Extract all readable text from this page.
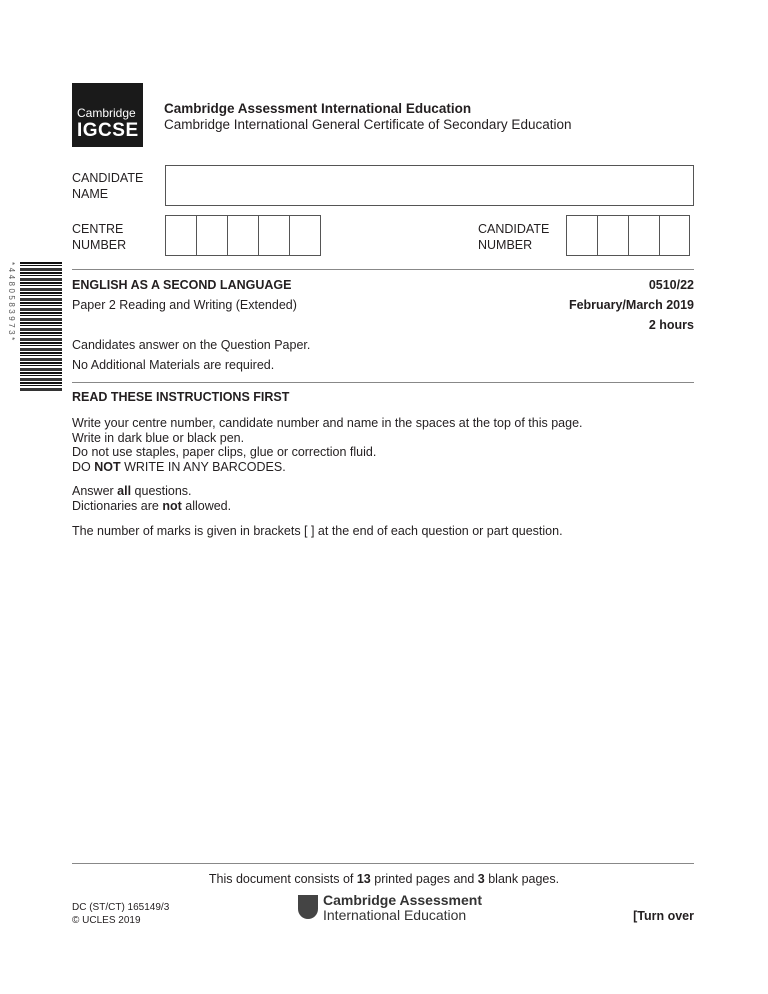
Cambridge
IGCSE
Cambridge Assessment International Education
Cambridge International General Certificate of Secondary Education
CANDIDATE
NAME
CENTRE
NUMBER
CANDIDATE
NUMBER
*4480583973*	ENGLISH AS A SECOND LANGUAGE	0510/22
Paper 2 Reading and Writing (Extended)	February/March 2019
2 hours
Candidates answer on the Question Paper.
No Additional Materials are required.
READ THESE INSTRUCTIONS FIRST

Write your centre number, candidate number and name in the spaces at the top of this page.

Write in dark blue or black pen.

Do not use staples, paper clips, glue or correction fluid.

DO NOT WRITE IN ANY BARCODES.

Answer all questions.

Dictionaries are not allowed.

The number of marks is given in brackets [ ] at the end of each question or part question.
This document consists of 13 printed pages and 3 blank pages.
DC (ST/CT) 165149/3
© UCLES 2019
Cambridge Assessment
International Education	[Turn over
